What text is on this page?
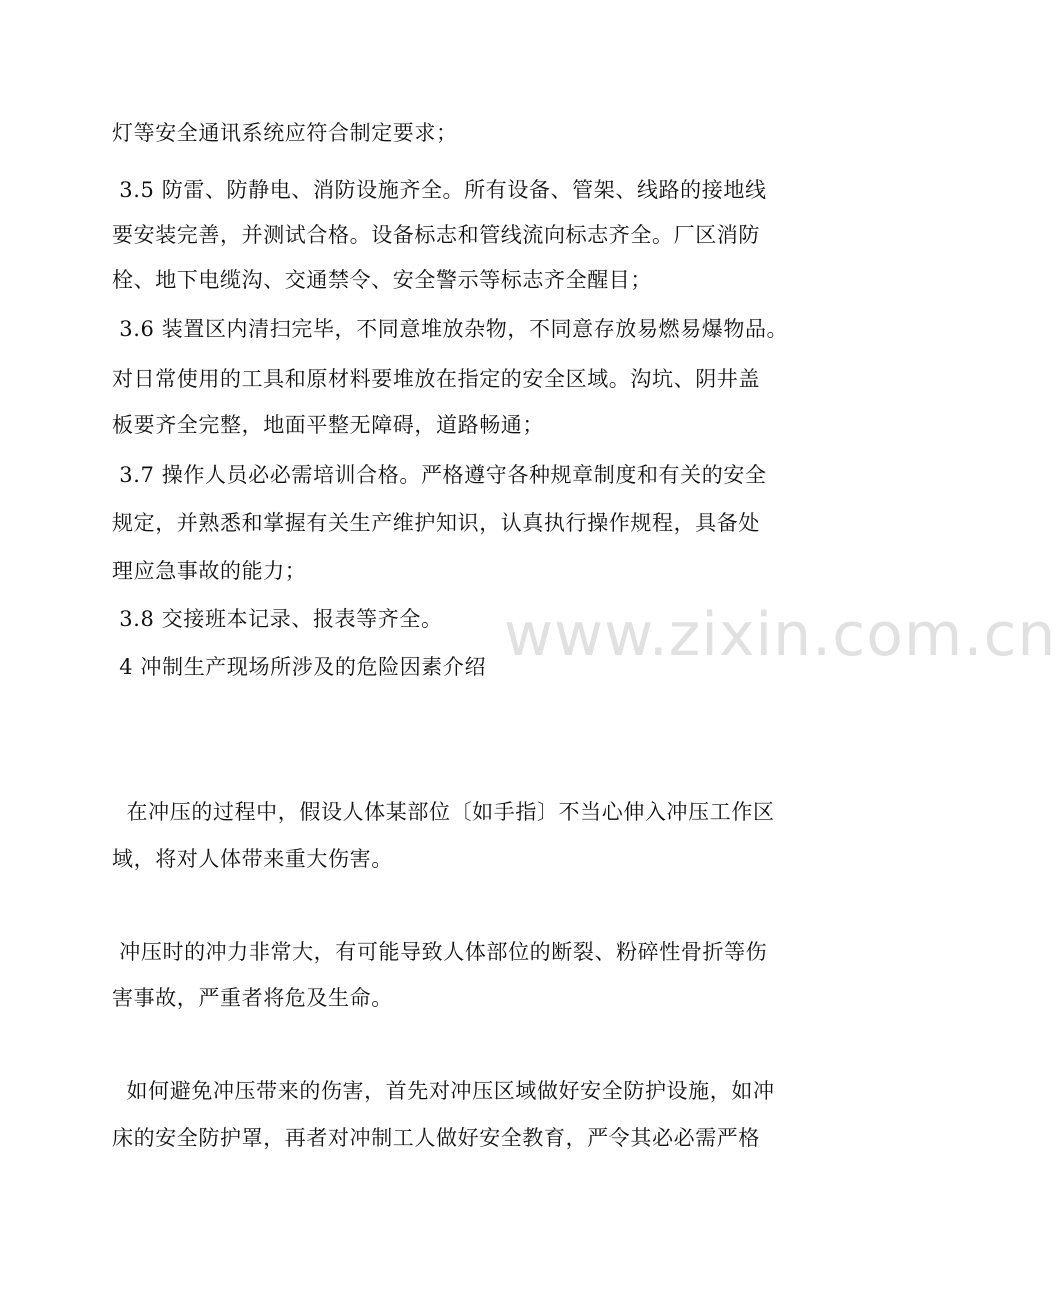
灯等安全通讯系统应符合制定要求；
3.5 防雷、防静电、消防设施齐全。所有设备、管架、线路的接地线
要安装完善，并测试合格。设备标志和管线流向标志齐全。厂区消防
栓、地下电缆沟、交通禁令、安全警示等标志齐全醒目；
3.6 装置区内清扫完毕，不同意堆放杂物，不同意存放易燃易爆物品。
对日常使用的工具和原材料要堆放在指定的安全区域。沟坑、阴井盖
板要齐全完整，地面平整无障碍，道路畅通；
3.7 操作人员必必需培训合格。严格遵守各种规章制度和有关的安全
规定，并熟悉和掌握有关生产维护知识，认真执行操作规程，具备处
理应急事故的能力；
3.8 交接班本记录、报表等齐全。
4 冲制生产现场所涉及的危险因素介绍
在冲压的过程中，假设人体某部位〔如手指〕不当心伸入冲压工作区
域，将对人体带来重大伤害。
冲压时的冲力非常大，有可能导致人体部位的断裂、粉碎性骨折等伤
害事故，严重者将危及生命。
如何避免冲压带来的伤害，首先对冲压区域做好安全防护设施，如冲
床的安全防护罩，再者对冲制工人做好安全教育，严令其必必需严格
www.zixin.com.cn
